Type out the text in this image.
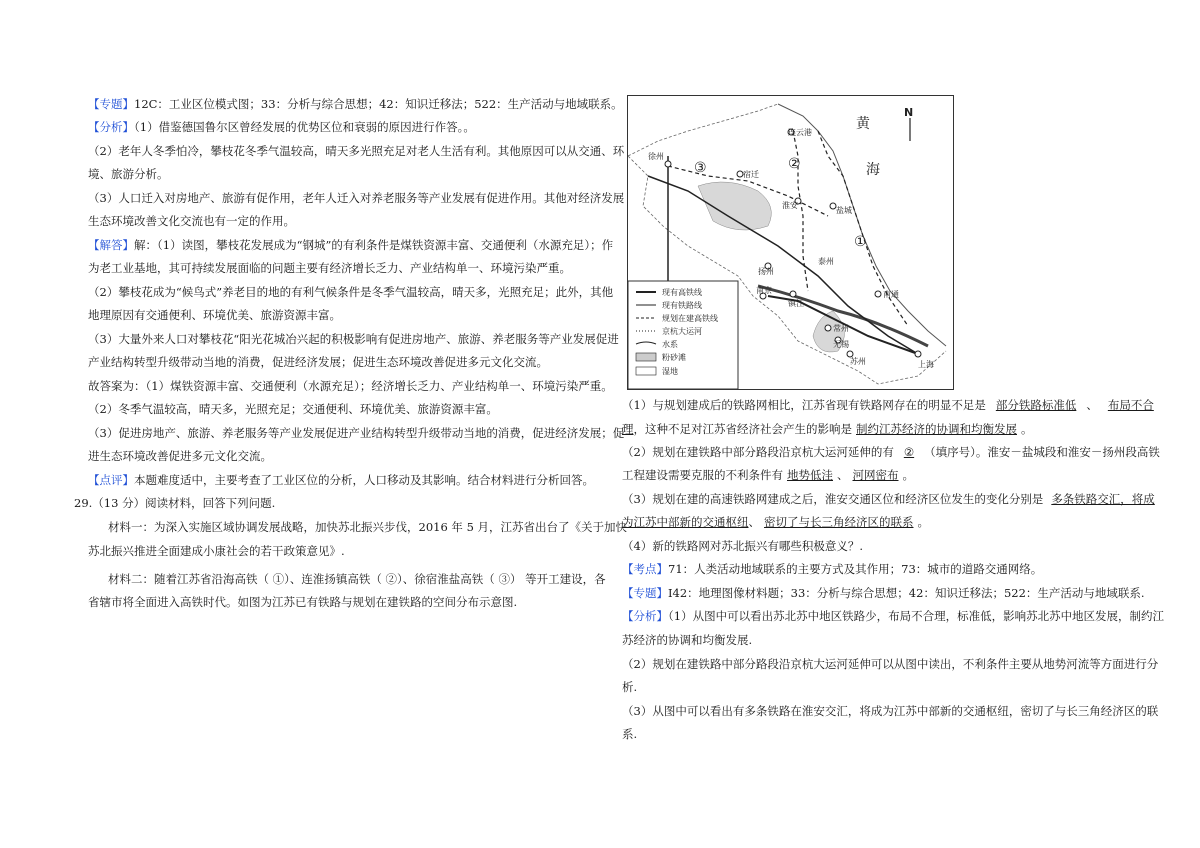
【专题】12C：工业区位模式图；33：分析与综合思想；42：知识迁移法；522：生产活动与地域联系。
【分析】（1）借鉴德国鲁尔区曾经发展的优势区位和衰弱的原因进行作答。。
（2）老年人冬季怕冷，攀枝花冬季气温较高，晴天多光照充足对老人生活有利。其他原因可以从交通、环
境、旅游分析。
（3）人口迁入对房地产、旅游有促作用，老年人迁入对养老服务等产业发展有促进作用。其他对经济发展
生态环境改善文化交流也有一定的作用。
【解答】解：（1）读图，攀枝花发展成为“钢城”的有利条件是煤铁资源丰富、交通便利（水源充足）；作
为老工业基地，其可持续发展面临的问题主要有经济增长乏力、产业结构单一、环境污染严重。
（2）攀枝花成为“候鸟式”养老目的地的有利气候条件是冬季气温较高，晴天多，光照充足；此外，其他
地理原因有交通便利、环境优美、旅游资源丰富。
（3）大量外来人口对攀枝花“阳光花城冶兴起的积极影响有促进房地产、旅游、养老服务等产业发展促进
产业结构转型升级带动当地的消费，促进经济发展；促进生态环境改善促进多元文化交流。
故答案为：（1）煤铁资源丰富、交通便利（水源充足）；经济增长乏力、产业结构单一、环境污染严重。
（2）冬季气温较高，晴天多，光照充足；交通便利、环境优美、旅游资源丰富。
（3）促进房地产、旅游、养老服务等产业发展促进产业结构转型升级带动当地的消费，促进经济发展；促
进生态环境改善促进多元文化交流。
【点评】本题难度适中，主要考查了工业区位的分析，人口移动及其影响。结合材料进行分析回答。
29.（13 分）阅读材料，回答下列问题.
材料一：为深入实施区域协调发展战略，加快苏北振兴步伐，2016 年 5 月，江苏省出台了《关于加快
苏北振兴推进全面建成小康社会的若干政策意见》.
材料二：随着江苏省沿海高铁（ ①）、连淮扬镇高铁（ ②）、徐宿淮盐高铁（ ③） 等开工建设，各
省辖市将全面进入高铁时代。如图为江苏已有铁路与规划在建铁路的空间分布示意图.
连云港
徐州
宿迁
淮安
盐城
扬州
泰州
南京
镇江
南通
常州
无锡
苏州	上海
①
②
③
黄
海
N
现有高铁线
现有铁路线
规划在建高铁线
京杭大运河
水系
粉砂滩
湿地
（1）与规划建成后的铁路网相比，江苏省现有铁路网存在的明显不足是 部分铁路标准低 、 布局不合
理，这种不足对江苏省经济社会产生的影响是 制约江苏经济的协调和均衡发展 。
（2）规划在建铁路中部分路段沿京杭大运河延伸的有 ② （填序号）。淮安－盐城段和淮安－扬州段高铁
工程建设需要克服的不利条件有 地势低洼 、 河网密布 。
（3）规划在建的高速铁路网建成之后，淮安交通区位和经济区位发生的变化分别是 多条铁路交汇，将成
为江苏中部新的交通枢纽、 密切了与长三角经济区的联系 。
（4）新的铁路网对苏北振兴有哪些积极意义？.
【考点】71：人类活动地域联系的主要方式及其作用；73：城市的道路交通网络。
【专题】I42：地理图像材料题；33：分析与综合思想；42：知识迁移法；522：生产活动与地域联系.
【分析】（1）从图中可以看出苏北苏中地区铁路少，布局不合理，标准低，影响苏北苏中地区发展，制约江
苏经济的协调和均衡发展.
（2）规划在建铁路中部分路段沿京杭大运河延伸可以从图中读出，不利条件主要从地势河流等方面进行分
析.
（3）从图中可以看出有多条铁路在淮安交汇，将成为江苏中部新的交通枢纽，密切了与长三角经济区的联
系.
